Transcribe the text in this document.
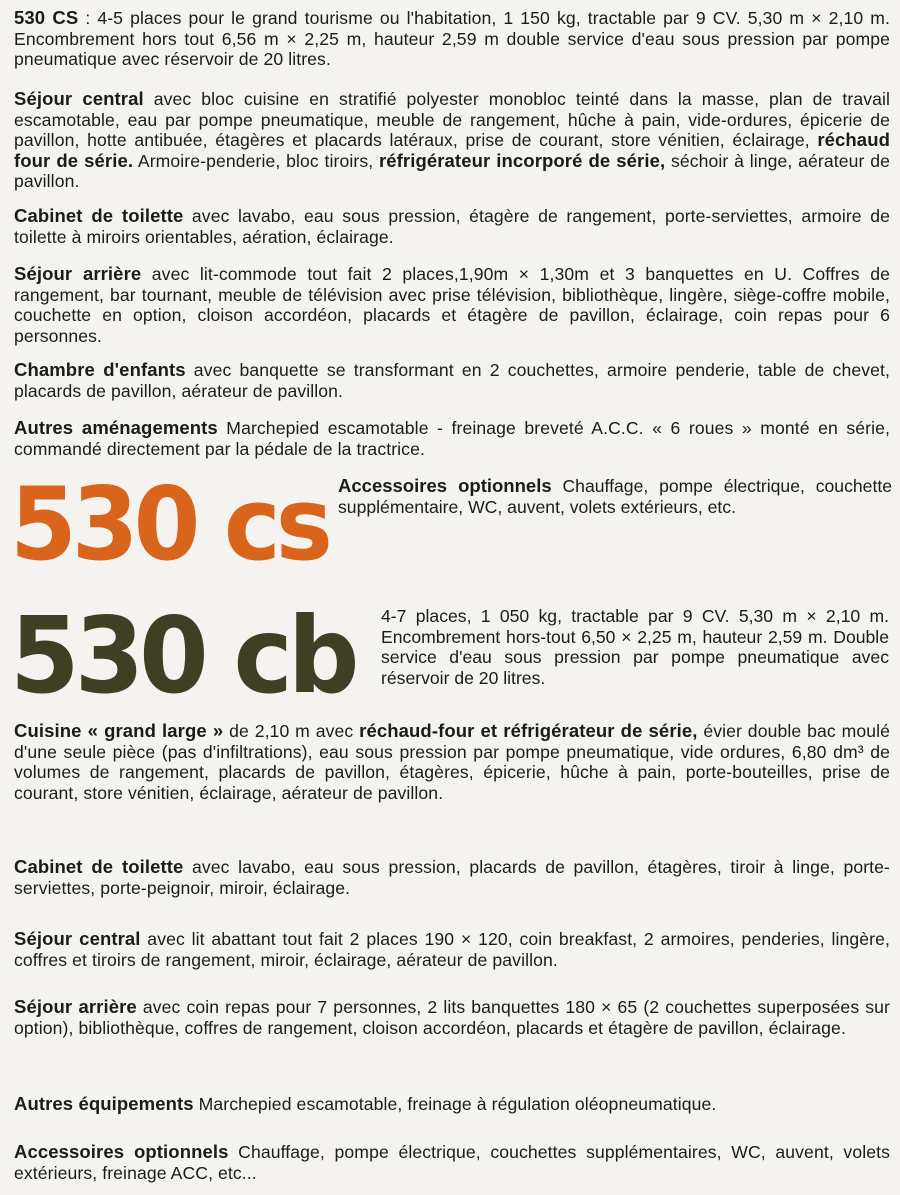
530 CS : 4-5 places pour le grand tourisme ou l'habitation, 1 150 kg, tractable par 9 CV. 5,30 m × 2,10 m. Encombrement hors tout 6,56 m × 2,25 m, hauteur 2,59 m double service d'eau sous pression par pompe pneumatique avec réservoir de 20 litres.

Séjour central avec bloc cuisine en stratifié polyester monobloc teinté dans la masse, plan de travail escamotable, eau par pompe pneumatique, meuble de rangement, hûche à pain, vide-ordures, épicerie de pavillon, hotte antibuée, étagères et placards latéraux, prise de courant, store vénitien, éclairage, réchaud four de série. Armoire-penderie, bloc tiroirs, réfrigérateur incorporé de série, séchoir à linge, aérateur de pavillon.

Cabinet de toilette avec lavabo, eau sous pression, étagère de rangement, porte-serviettes, armoire de toilette à miroirs orientables, aération, éclairage.

Séjour arrière avec lit-commode tout fait 2 places,1,90m × 1,30m et 3 banquettes en U. Coffres de rangement, bar tournant, meuble de télévision avec prise télévision, bibliothèque, lingère, siège-coffre mobile, couchette en option, cloison accordéon, placards et étagère de pavillon, éclairage, coin repas pour 6 personnes.

Chambre d'enfants avec banquette se transformant en 2 couchettes, armoire penderie, table de chevet, placards de pavillon, aérateur de pavillon.

Autres aménagements Marchepied escamotable - freinage breveté A.C.C. « 6 roues » monté en série, commandé directement par la pédale de la tractrice.

530 cs Accessoires optionnels Chauffage, pompe électrique, couchette supplémentaire, WC, auvent, volets extérieurs, etc.

530 cb 4-7 places, 1 050 kg, tractable par 9 CV. 5,30 m × 2,10 m. Encombrement hors-tout 6,50 × 2,25 m, hauteur 2,59 m. Double service d'eau sous pression par pompe pneumatique avec réservoir de 20 litres.

Cuisine « grand large » de 2,10 m avec réchaud-four et réfrigérateur de série, évier double bac moulé d'une seule pièce (pas d'infiltrations), eau sous pression par pompe pneumatique, vide ordures, 6,80 dm³ de volumes de rangement, placards de pavillon, étagères, épicerie, hûche à pain, porte-bouteilles, prise de courant, store vénitien, éclairage, aérateur de pavillon.

Cabinet de toilette avec lavabo, eau sous pression, placards de pavillon, étagères, tiroir à linge, porte-serviettes, porte-peignoir, miroir, éclairage.

Séjour central avec lit abattant tout fait 2 places 190 × 120, coin breakfast, 2 armoires, penderies, lingère, coffres et tiroirs de rangement, miroir, éclairage, aérateur de pavillon.

Séjour arrière avec coin repas pour 7 personnes, 2 lits banquettes 180 × 65 (2 couchettes superposées sur option), bibliothèque, coffres de rangement, cloison accordéon, placards et étagère de pavillon, éclairage.

Autres équipements Marchepied escamotable, freinage à régulation oléopneumatique.

Accessoires optionnels Chauffage, pompe électrique, couchettes supplémentaires, WC, auvent, volets extérieurs, freinage ACC, etc...
